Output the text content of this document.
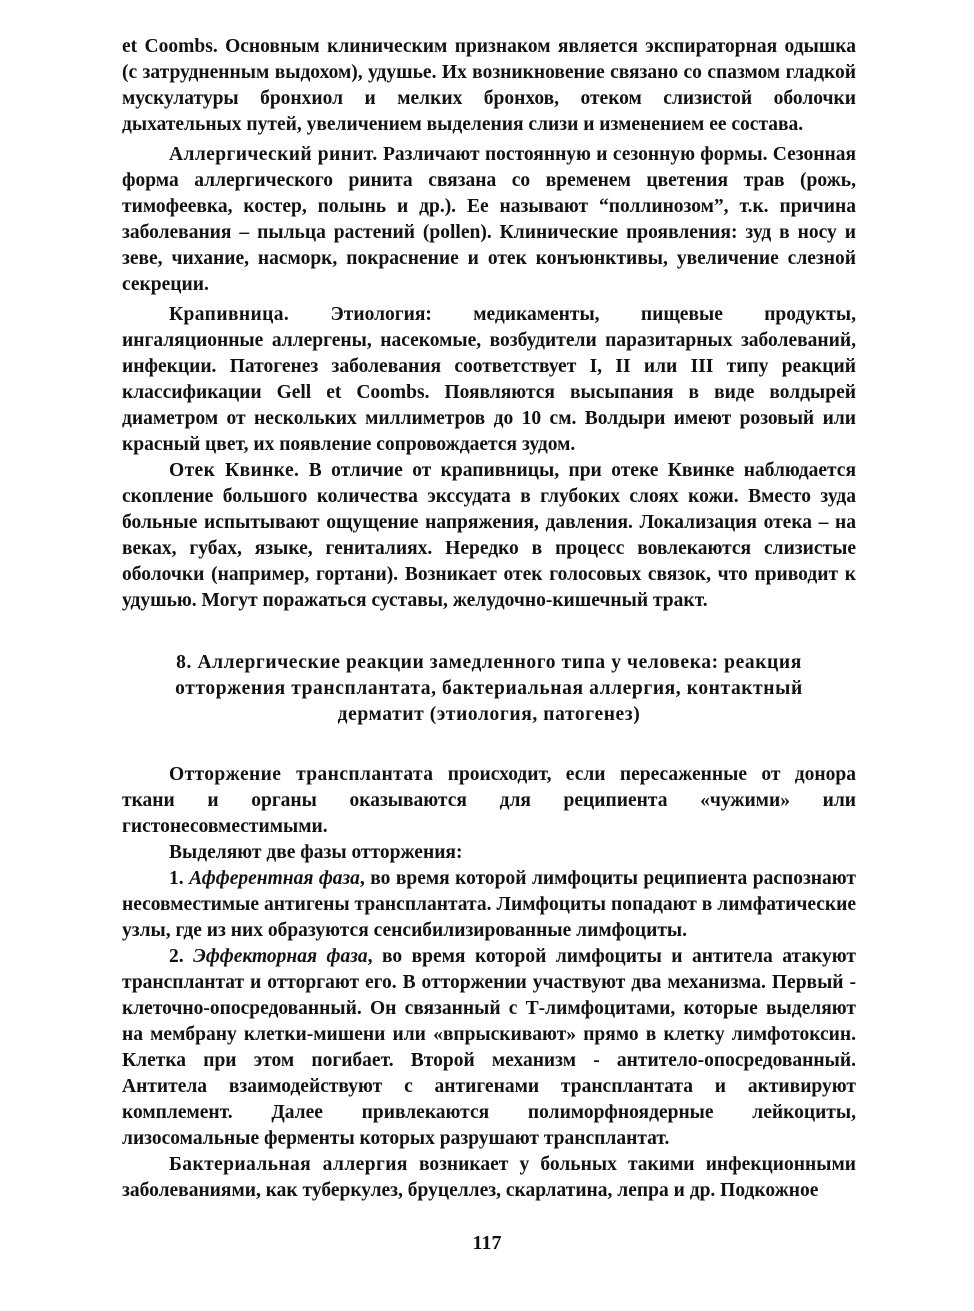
et Coombs. Основным клиническим признаком является экспираторная одышка (с затрудненным выдохом), удушье. Их возникновение связано со спазмом гладкой мускулатуры бронхиол и мелких бронхов, отеком слизистой оболочки дыхательных путей, увеличением выделения слизи и изменением ее состава.

Аллергический ринит. Различают постоянную и сезонную формы. Сезонная форма аллергического ринита связана со временем цветения трав (рожь, тимофеевка, костер, полынь и др.). Ее называют “поллинозом”, т.к. причина заболевания – пыльца растений (pollen). Клинические проявления: зуд в носу и зеве, чихание, насморк, покраснение и отек конъюнктивы, увеличение слезной секреции.

Крапивница. Этиология: медикаменты, пищевые продукты, ингаляционные аллергены, насекомые, возбудители паразитарных заболеваний, инфекции. Патогенез заболевания соответствует I, II или III типу реакций классификации Gell et Coombs. Появляются высыпания в виде волдырей диаметром от нескольких миллиметров до 10 см. Волдыри имеют розовый или красный цвет, их появление сопровождается зудом.

Отек Квинке. В отличие от крапивницы, при отеке Квинке наблюдается скопление большого количества экссудата в глубоких слоях кожи. Вместо зуда больные испытывают ощущение напряжения, давления. Локализация отека – на веках, губах, языке, гениталиях. Нередко в процесс вовлекаются слизистые оболочки (например, гортани). Возникает отек голосовых связок, что приводит к удушью. Могут поражаться суставы, желудочно-кишечный тракт.

8. Аллергические реакции замедленного типа у человека: реакция отторжения трансплантата, бактериальная аллергия, контактный дерматит (этиология, патогенез)

Отторжение трансплантата происходит, если пересаженные от донора ткани и органы оказываются для реципиента «чужими» или гистонесовместимыми.

Выделяют две фазы отторжения:

1. Афферентная фаза, во время которой лимфоциты реципиента распознают несовместимые антигены трансплантата. Лимфоциты попадают в лимфатические узлы, где из них образуются сенсибилизированные лимфоциты.

2. Эффекторная фаза, во время которой лимфоциты и антитела атакуют трансплантат и отторгают его. В отторжении участвуют два механизма. Первый - клеточно-опосредованный. Он связанный с Т-лимфоцитами, которые выделяют на мембрану клетки-мишени или «впрыскивают» прямо в клетку лимфотоксин. Клетка при этом погибает. Второй механизм - антитело-опосредованный. Антитела взаимодействуют с антигенами трансплантата и активируют комплемент. Далее привлекаются полиморфноядерные лейкоциты, лизосомальные ферменты которых разрушают трансплантат.

Бактериальная аллергия возникает у больных такими инфекционными заболеваниями, как туберкулез, бруцеллез, скарлатина, лепра и др. Подкожное

117
